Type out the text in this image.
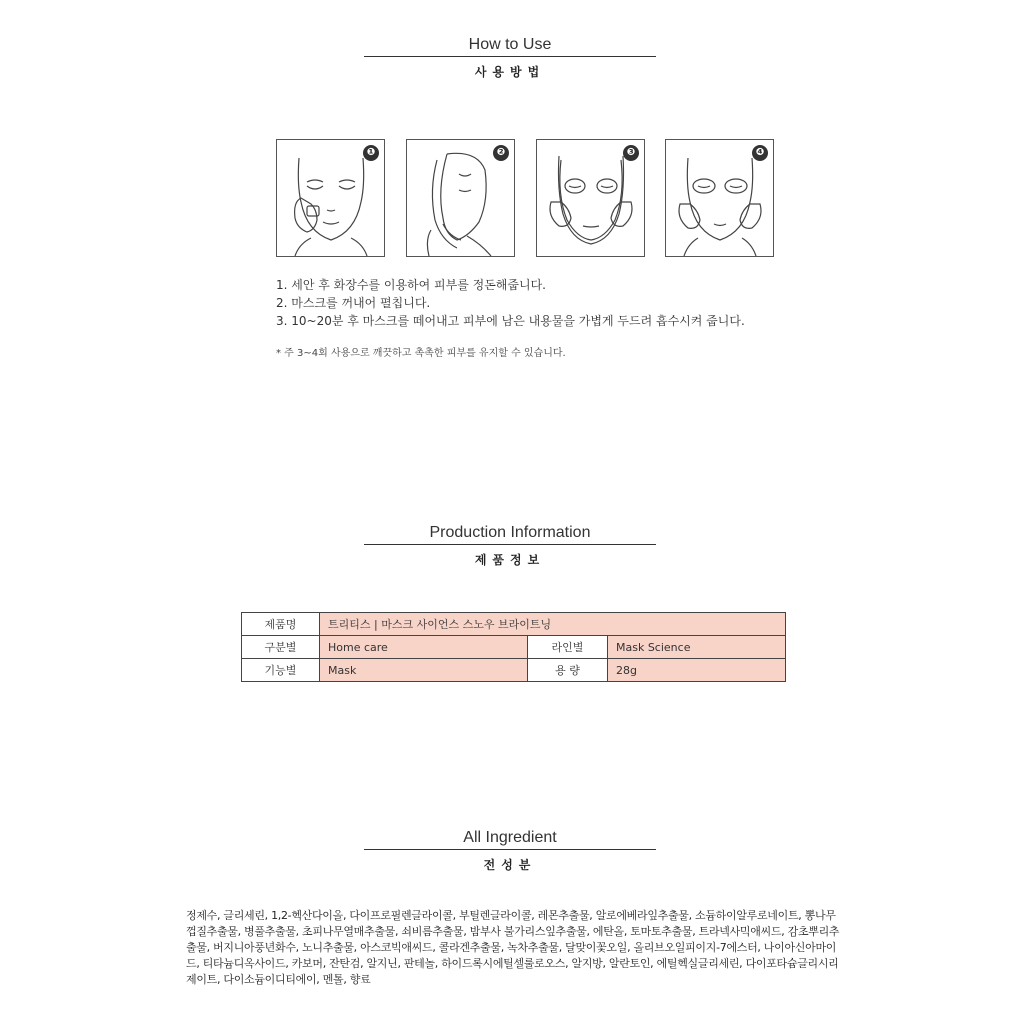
How to Use
사용방법
❶	❷	❸	❹
1. 세안 후 화장수를 이용하여 피부를 정돈해줍니다.
2. 마스크를 꺼내어 펼칩니다.
3. 10~20분 후 마스크를 떼어내고 피부에 남은 내용물을 가볍게 두드려 흡수시켜 줍니다.
* 주 3~4회 사용으로 깨끗하고 촉촉한 피부를 유지할 수 있습니다.
Production Information
제품정보
제품명	트리티스 | 마스크 사이언스 스노우 브라이트닝		
구분별	Home care	라인별	Mask Science
기능별	Mask	용 량	28g
All Ingredient
전성분
정제수, 글리세린, 1,2-헥산다이올, 다이프로필렌글라이콜, 부틸렌글라이콜, 레몬추출물, 알로에베라잎추출물, 소듐하이알루로네이트, 뽕나무
껍질추출물, 병풀추출물, 초피나무열매추출물, 쇠비름추출물, 밤부사 불가리스잎추출물, 에탄올, 토마토추출물, 트라넥사믹애씨드, 감초뿌리추
출물, 버지니아풍년화수, 노니추출물, 아스코빅애씨드, 콜라겐추출물, 녹차추출물, 달맞이꽃오일, 올리브오일피이지-7에스터, 나이아신아마이
드, 티타늄디옥사이드, 카보머, 잔탄검, 알지닌, 판테놀, 하이드록시에틸셀룰로오스, 알지방, 알란토인, 에틸헥실글리세린, 다이포타슘글리시리
제이트, 다이소듐이디티에이, 멘톨, 향료
